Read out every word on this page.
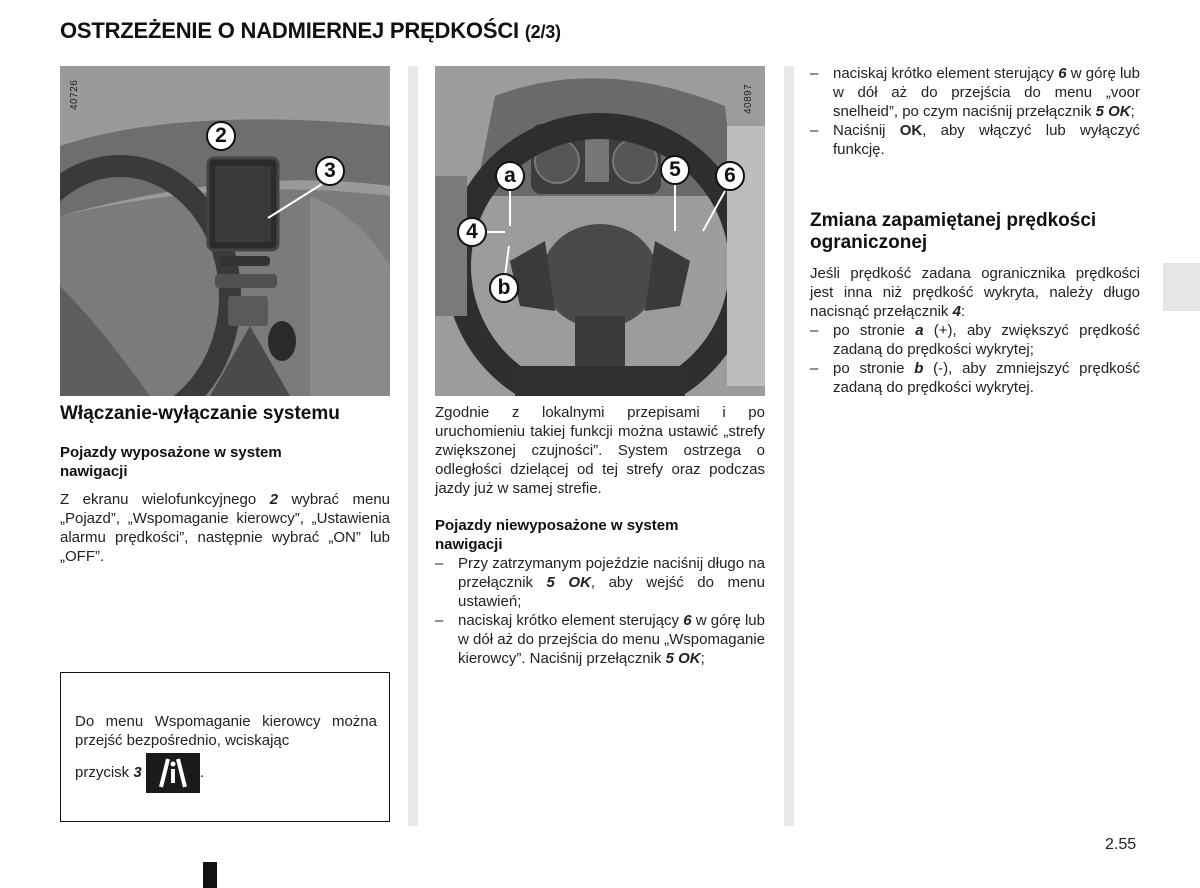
OSTRZEŻENIE O NADMIERNEJ PRĘDKOŚCI (2/3)
2
3
40726
a	5	6
4
b
40897
Włączanie-wyłączanie systemu
Pojazdy wyposażone w system nawigacji
Z ekranu wielofunkcyjnego 2 wybrać menu „Pojazd”, „Wspomaganie kierowcy”, „Ustawienia alarmu prędkości”, następnie wybrać „ON” lub „OFF”.
Do menu Wspomaganie kierowcy można przejść bezpośrednio, wciskając
przycisk 3	.
Zgodnie z lokalnymi przepisami i po uruchomieniu takiej funkcji można ustawić „strefy zwiększonej czujności”. System ostrzega o odległości dzielącej od tej strefy oraz podczas jazdy już w samej strefie.
Pojazdy niewyposażone w system nawigacji
– Przy zatrzymanym pojeździe naciśnij długo na przełącznik 5 OK, aby wejść do menu ustawień;
– naciskaj krótko element sterujący 6 w górę lub w dół aż do przejścia do menu „Wspomaganie kierowcy”. Naciśnij przełącznik 5 OK;
– naciskaj krótko element sterujący 6 w górę lub w dół aż do przejścia do menu „voor snelheid”, po czym naciśnij przełącznik 5 OK;
– Naciśnij OK, aby włączyć lub wyłączyć funkcję.
Zmiana zapamiętanej prędkości ograniczonej
Jeśli prędkość zadana ogranicznika prędkości jest inna niż prędkość wykryta, należy długo nacisnąć przełącznik 4:
– po stronie a (+), aby zwiększyć prędkość zadaną do prędkości wykrytej;
– po stronie b (-), aby zmniejszyć prędkość zadaną do prędkości wykrytej.
2.55
